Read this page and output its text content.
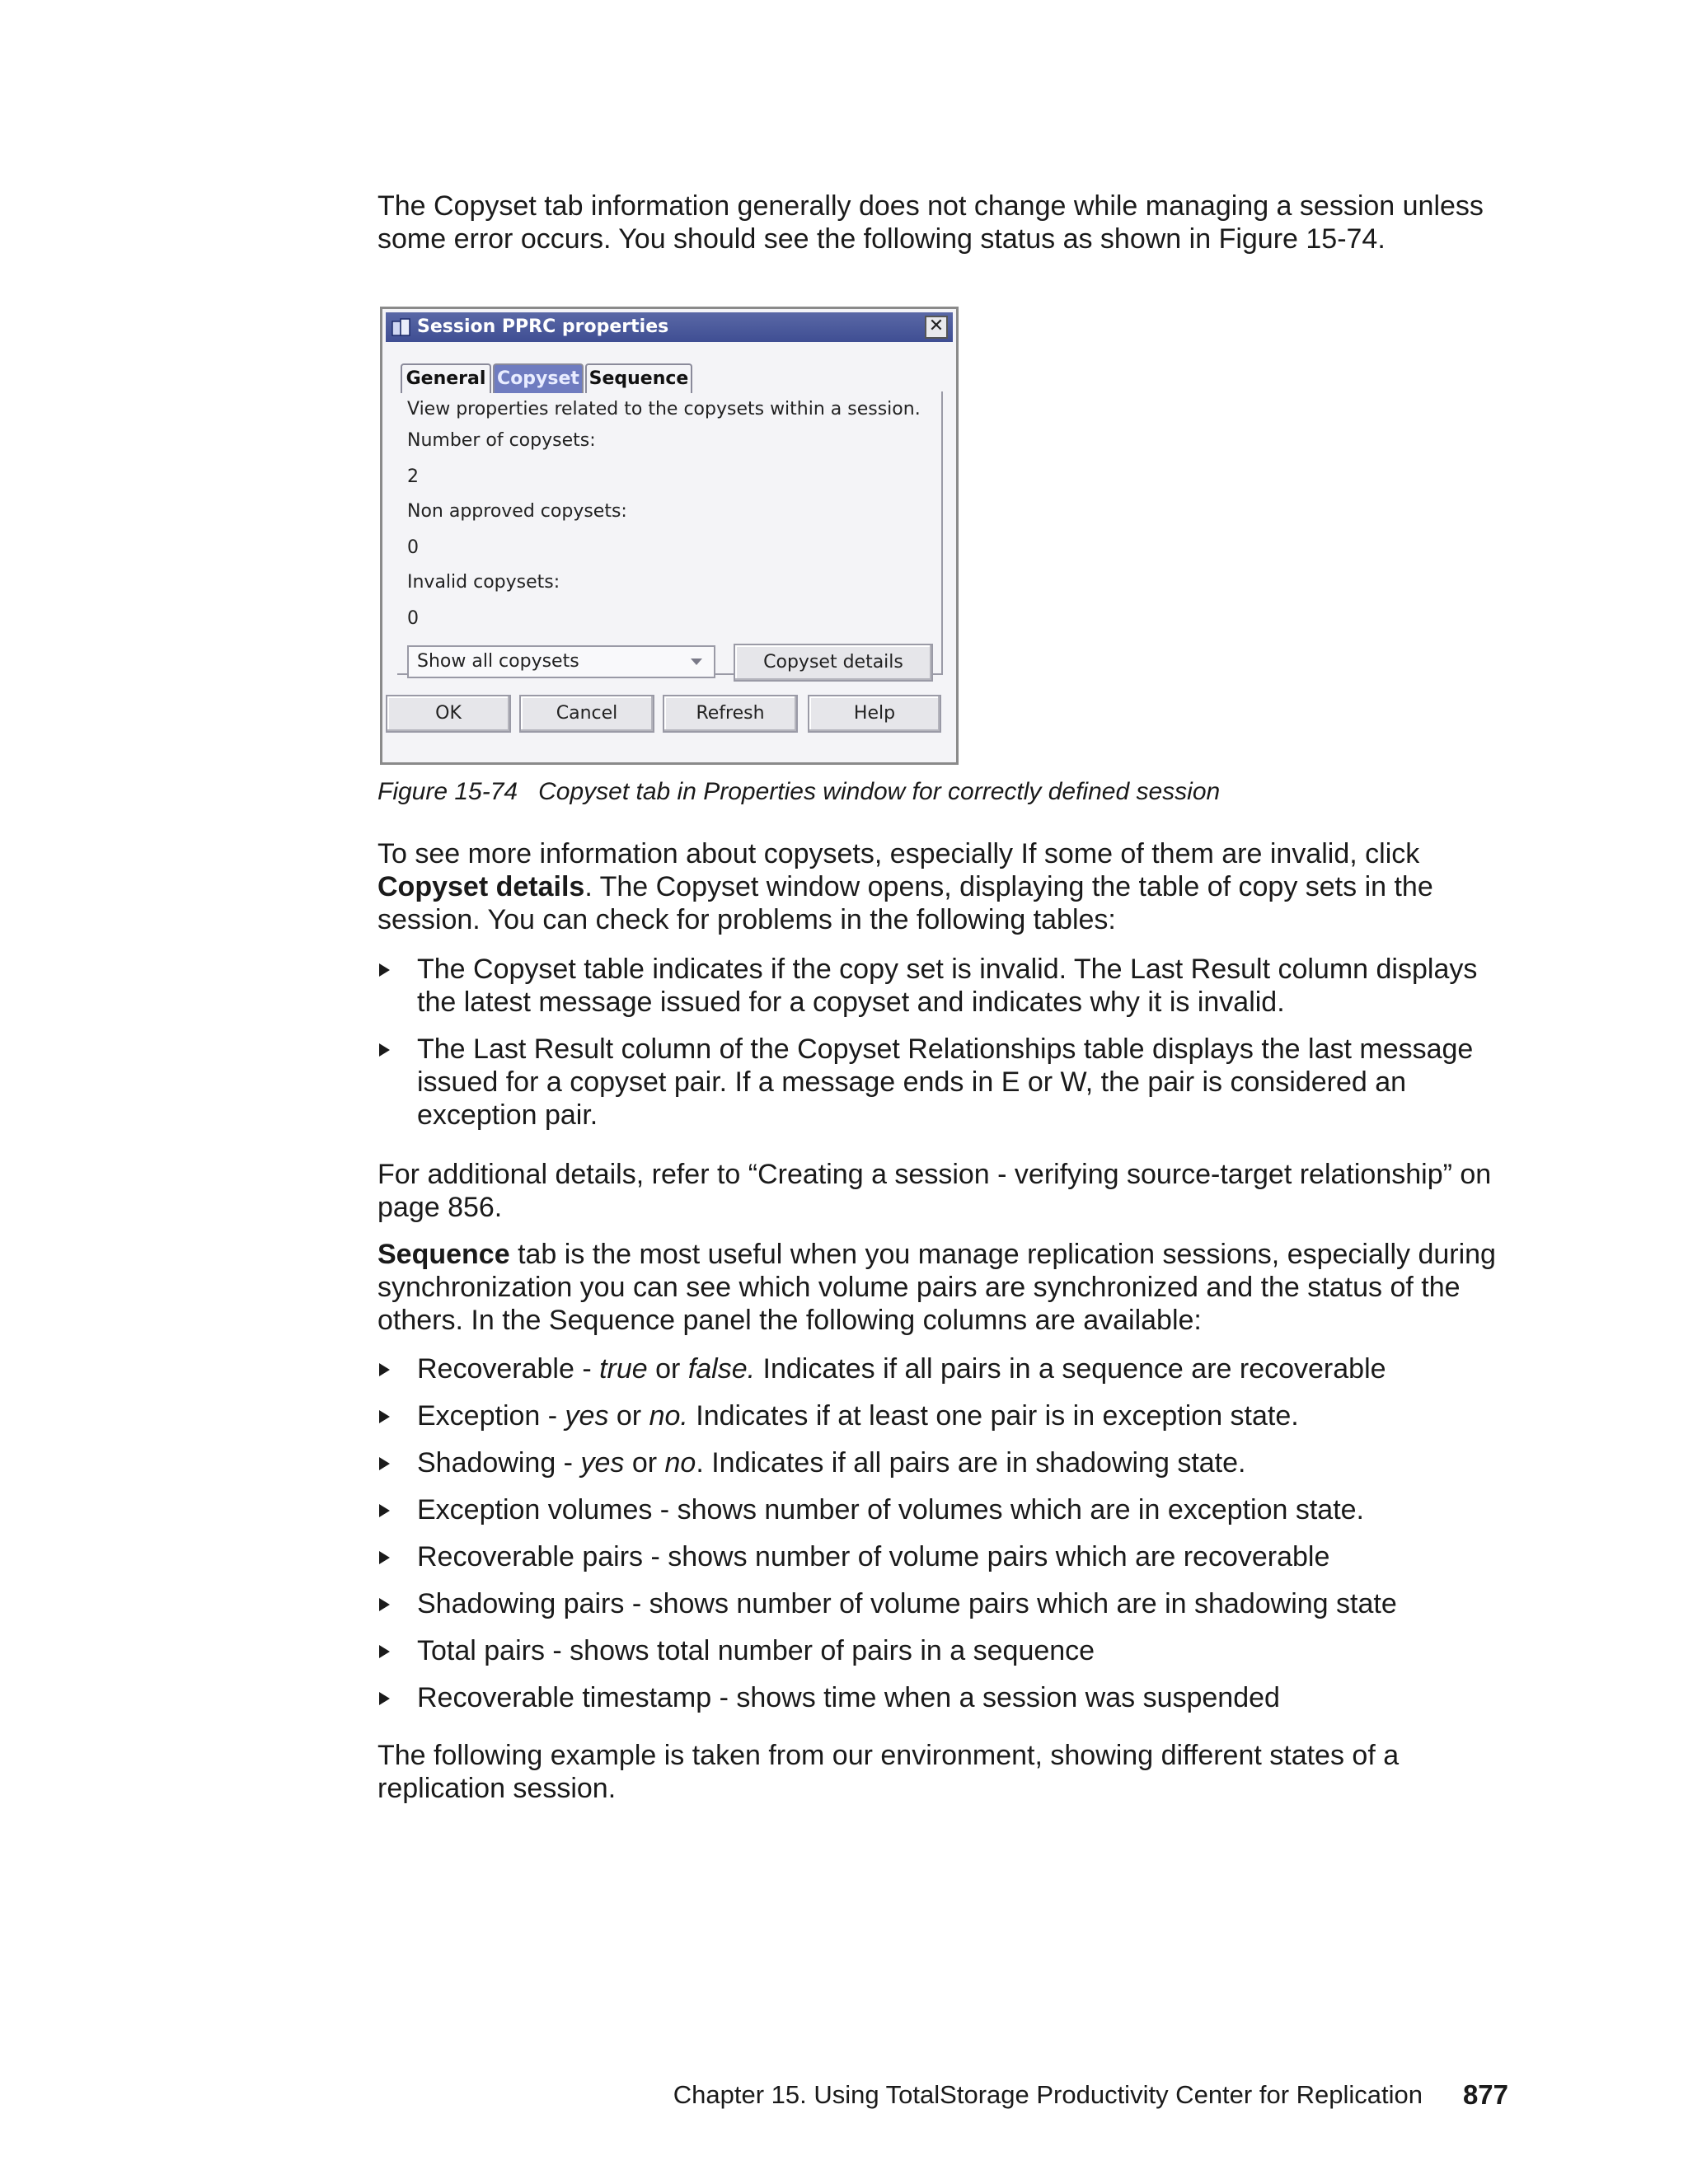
The Copyset tab information generally does not change while managing a session unless some error occurs. You should see the following status as shown in Figure 15-74.

Session PPRC properties	✕
General Copyset Sequence
View properties related to the copysets within a session.
Number of copysets:
2
Non approved copysets:
0
Invalid copysets:
0
Show all copysets	Copyset details
OK	Cancel	Refresh	Help
Figure 15-74 Copyset tab in Properties window for correctly defined session

To see more information about copysets, especially If some of them are invalid, click Copyset details. The Copyset window opens, displaying the table of copy sets in the session. You can check for problems in the following tables:

The Copyset table indicates if the copy set is invalid. The Last Result column displays the latest message issued for a copyset and indicates why it is invalid.
The Last Result column of the Copyset Relationships table displays the last message issued for a copyset pair. If a message ends in E or W, the pair is considered an exception pair.

For additional details, refer to “Creating a session - verifying source-target relationship” on page 856.

Sequence tab is the most useful when you manage replication sessions, especially during synchronization you can see which volume pairs are synchronized and the status of the others. In the Sequence panel the following columns are available:

Recoverable - true or false. Indicates if all pairs in a sequence are recoverable
Exception - yes or no. Indicates if at least one pair is in exception state.
Shadowing - yes or no. Indicates if all pairs are in shadowing state.
Exception volumes - shows number of volumes which are in exception state.
Recoverable pairs - shows number of volume pairs which are recoverable
Shadowing pairs - shows number of volume pairs which are in shadowing state
Total pairs - shows total number of pairs in a sequence
Recoverable timestamp - shows time when a session was suspended

The following example is taken from our environment, showing different states of a replication session.

Chapter 15. Using TotalStorage Productivity Center for Replication 877
